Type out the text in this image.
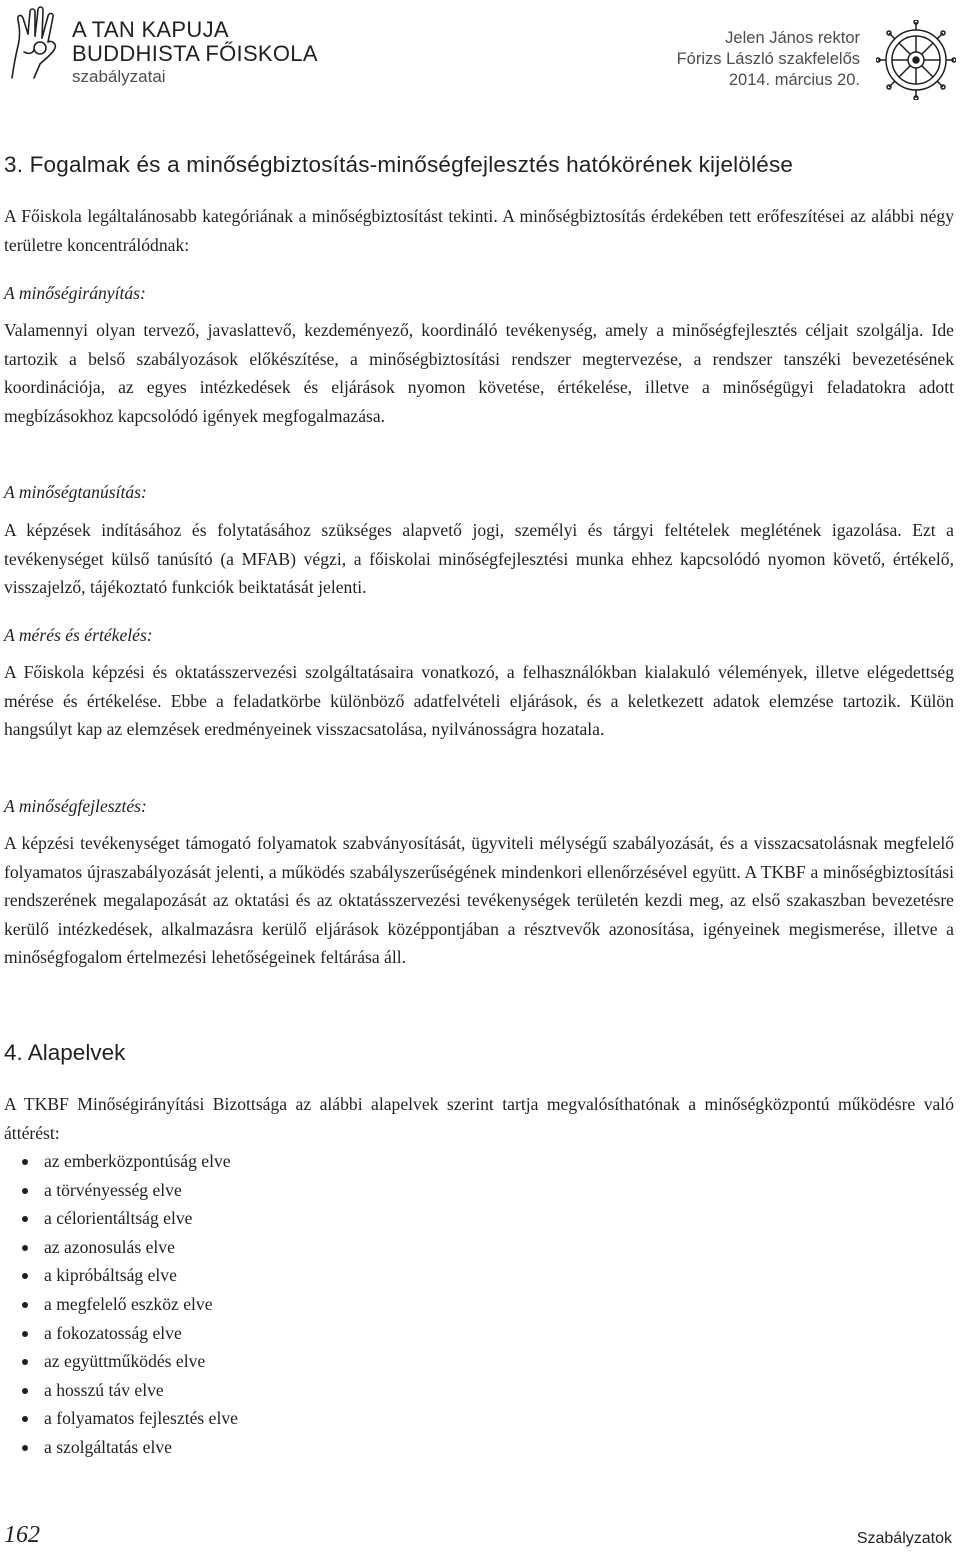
A TAN KAPUJA
BUDDHISTA FŐISKOLA
szabályzatai
Jelen János rektor
Fórizs László szakfelelős
2014. március 20.
3. Fogalmak és a minőségbiztosítás-minőségfejlesztés hatókörének kijelölése

A Főiskola legáltalánosabb kategóriának a minőségbiztosítást tekinti. A minőségbiztosítás érdekében tett erőfeszítései az alábbi négy területre koncentrálódnak:

A minőségirányítás:

Valamennyi olyan tervező, javaslattevő, kezdeményező, koordináló tevékenység, amely a minőségfejlesztés céljait szolgálja. Ide tartozik a belső szabályozások előkészítése, a minőségbiztosítási rendszer megtervezése, a rendszer tanszéki bevezetésének koordinációja, az egyes intézkedések és eljárások nyomon követése, értékelése, illetve a minőségügyi feladatokra adott megbízásokhoz kapcsolódó igények megfogalmazása.

A minőségtanúsítás:

A képzések indításához és folytatásához szükséges alapvető jogi, személyi és tárgyi feltételek meglétének igazolása. Ezt a tevékenységet külső tanúsító (a MFAB) végzi, a főiskolai minőségfejlesztési munka ehhez kapcsolódó nyomon követő, értékelő, visszajelző, tájékoztató funkciók beiktatását jelenti.

A mérés és értékelés:

A Főiskola képzési és oktatásszervezési szolgáltatásaira vonatkozó, a felhasználókban kialakuló vélemények, illetve elégedettség mérése és értékelése. Ebbe a feladatkörbe különböző adatfelvételi eljárások, és a keletkezett adatok elemzése tartozik. Külön hangsúlyt kap az elemzések eredményeinek visszacsatolása, nyilvánosságra hozatala.

A minőségfejlesztés:

A képzési tevékenységet támogató folyamatok szabványosítását, ügyviteli mélységű szabályozását, és a visszacsatolásnak megfelelő folyamatos újraszabályozását jelenti, a működés szabályszerűségének mindenkori ellenőrzésével együtt. A TKBF a minőségbiztosítási rendszerének megalapozását az oktatási és az oktatásszervezési tevékenységek területén kezdi meg, az első szakaszban bevezetésre kerülő intézkedések, alkalmazásra kerülő eljárások középpontjában a résztvevők azonosítása, igényeinek megismerése, illetve a minőségfogalom értelmezési lehetőségeinek feltárása áll.

4. Alapelvek

A TKBF Minőségirányítási Bizottsága az alábbi alapelvek szerint tartja megvalósíthatónak a minőségközpontú működésre való áttérést:

az emberközpontúság elve
a törvényesség elve
a célorientáltság elve
az azonosulás elve
a kipróbáltság elve
a megfelelő eszköz elve
a fokozatosság elve
az együttműködés elve
a hosszú táv elve
a folyamatos fejlesztés elve
a szolgáltatás elve
162	Szabályzatok
